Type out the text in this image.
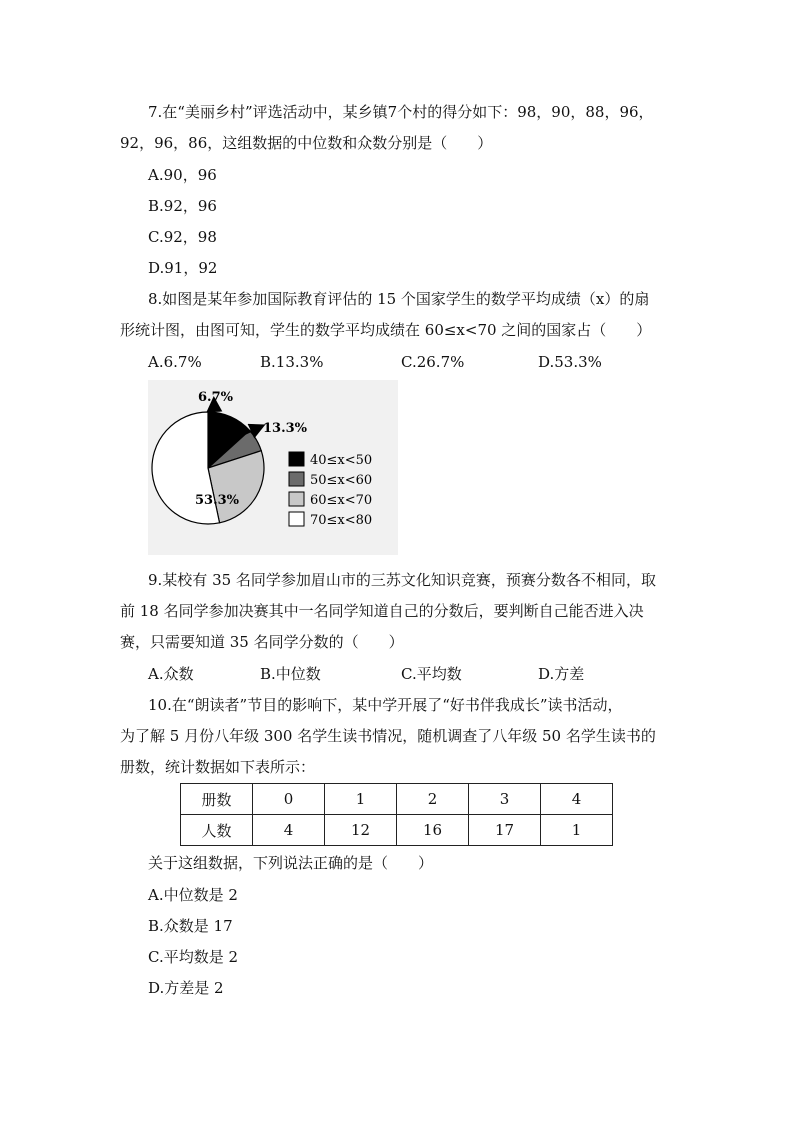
7.在“美丽乡村”评选活动中，某乡镇7个村的得分如下：98，90，88，96，
92，96，86，这组数据的中位数和众数分别是（　　）
A.90，96
B.92，96
C.92，98
D.91，92
8.如图是某年参加国际教育评估的 15 个国家学生的数学平均成绩（x）的扇
形统计图，由图可知，学生的数学平均成绩在 60≤x<70 之间的国家占（　　）
A.6.7%	B.13.3%	C.26.7%	D.53.3%
6.7%
13.3%
53.3%
40≤x<50
50≤x<60
60≤x<70
70≤x<80
9.某校有 35 名同学参加眉山市的三苏文化知识竞赛，预赛分数各不相同，取
前 18 名同学参加决赛其中一名同学知道自己的分数后，要判断自己能否进入决
赛，只需要知道 35 名同学分数的（　　）
A.众数	B.中位数	C.平均数	D.方差
10.在“朗读者”节目的影响下，某中学开展了“好书伴我成长”读书活动，
为了解 5 月份八年级 300 名学生读书情况，随机调查了八年级 50 名学生读书的
册数，统计数据如下表所示：
册数	0	1	2	3	4
人数	4	12	16	17	1
关于这组数据，下列说法正确的是（　　）
A.中位数是 2
B.众数是 17
C.平均数是 2
D.方差是 2
